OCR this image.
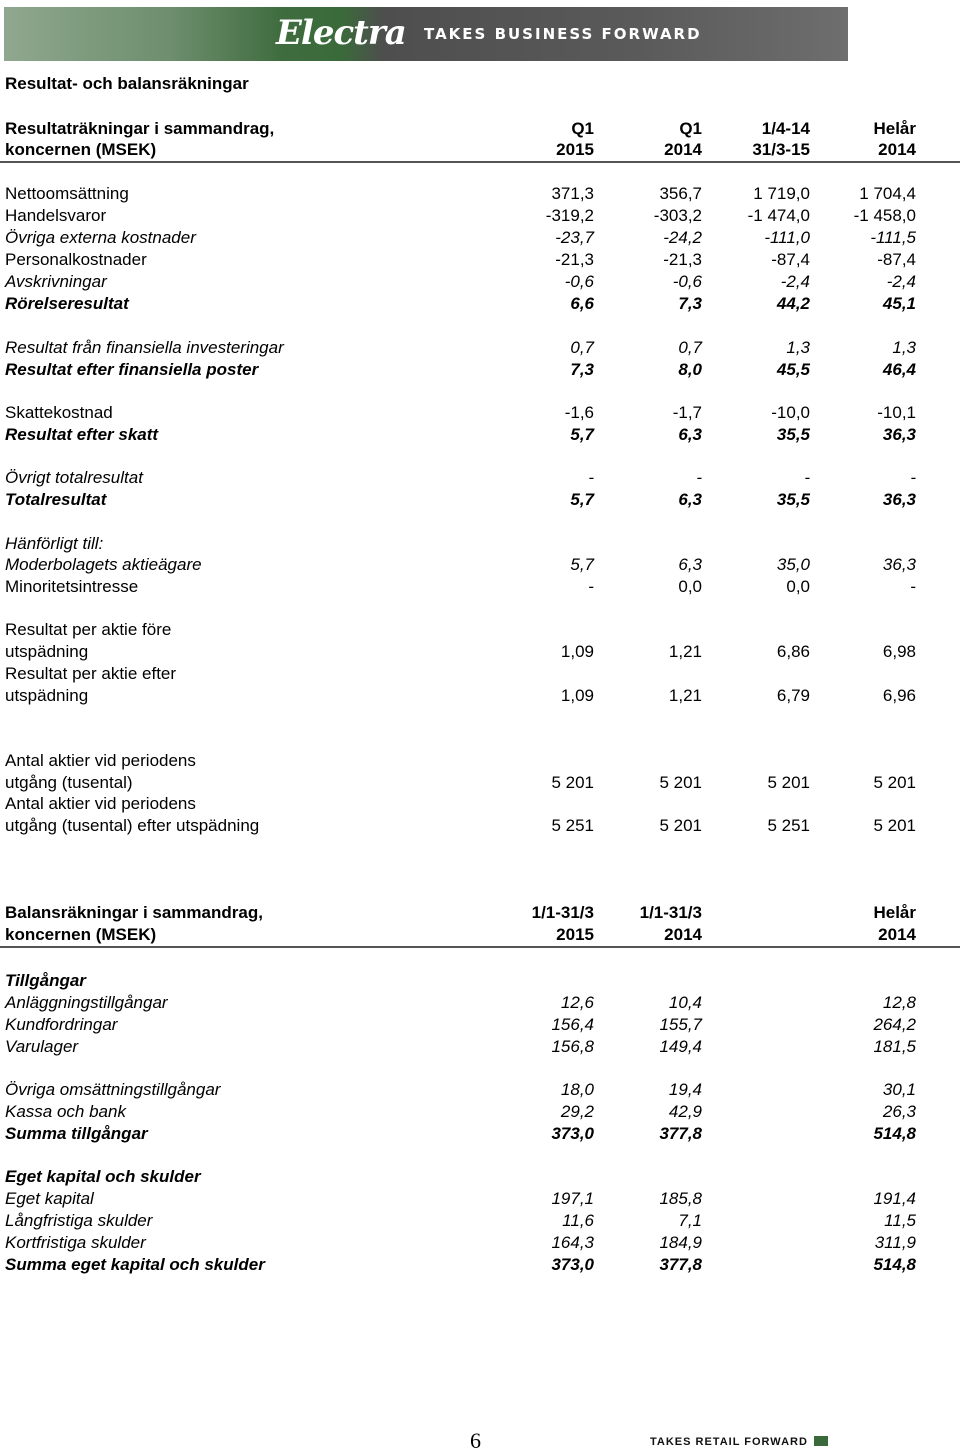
Electra TAKES BUSINESS FORWARD
Resultat- och balansräkningar
Resultaträkningar i sammandrag,	Q1	Q1	1/4-14	Helår
koncernen (MSEK)	2015	2014	31/3-15	2014
Nettoomsättning	371,3	356,7	1 719,0	1 704,4
Handelsvaror	-319,2	-303,2	-1 474,0	-1 458,0
Övriga externa kostnader	-23,7	-24,2	-111,0	-111,5
Personalkostnader	-21,3	-21,3	-87,4	-87,4
Avskrivningar	-0,6	-0,6	-2,4	-2,4
Rörelseresultat	6,6	7,3	44,2	45,1
Resultat från finansiella investeringar	0,7	0,7	1,3	1,3
Resultat efter finansiella poster	7,3	8,0	45,5	46,4
Skattekostnad	-1,6	-1,7	-10,0	-10,1
Resultat efter skatt	5,7	6,3	35,5	36,3
Övrigt totalresultat	-	-	-	-
Totalresultat	5,7	6,3	35,5	36,3
Hänförligt till:
Moderbolagets aktieägare	5,7	6,3	35,0	36,3
Minoritetsintresse	-	0,0	0,0	-
Resultat per aktie före
utspädning	1,09	1,21	6,86	6,98
Resultat per aktie efter
utspädning	1,09	1,21	6,79	6,96
Antal aktier vid periodens
utgång (tusental)	5 201	5 201	5 201	5 201
Antal aktier vid periodens
utgång (tusental) efter utspädning	5 251	5 201	5 251	5 201
Balansräkningar i sammandrag,	1/1-31/3	1/1-31/3	Helår
koncernen (MSEK)	2015	2014	2014
Tillgångar
Anläggningstillgångar	12,6	10,4	12,8
Kundfordringar	156,4	155,7	264,2
Varulager	156,8	149,4	181,5
Övriga omsättningstillgångar	18,0	19,4	30,1
Kassa och bank	29,2	42,9	26,3
Summa tillgångar	373,0	377,8	514,8
Eget kapital och skulder
Eget kapital	197,1	185,8	191,4
Långfristiga skulder	11,6	7,1	11,5
Kortfristiga skulder	164,3	184,9	311,9
Summa eget kapital och skulder	373,0	377,8	514,8
6	TAKES RETAIL FORWARD
